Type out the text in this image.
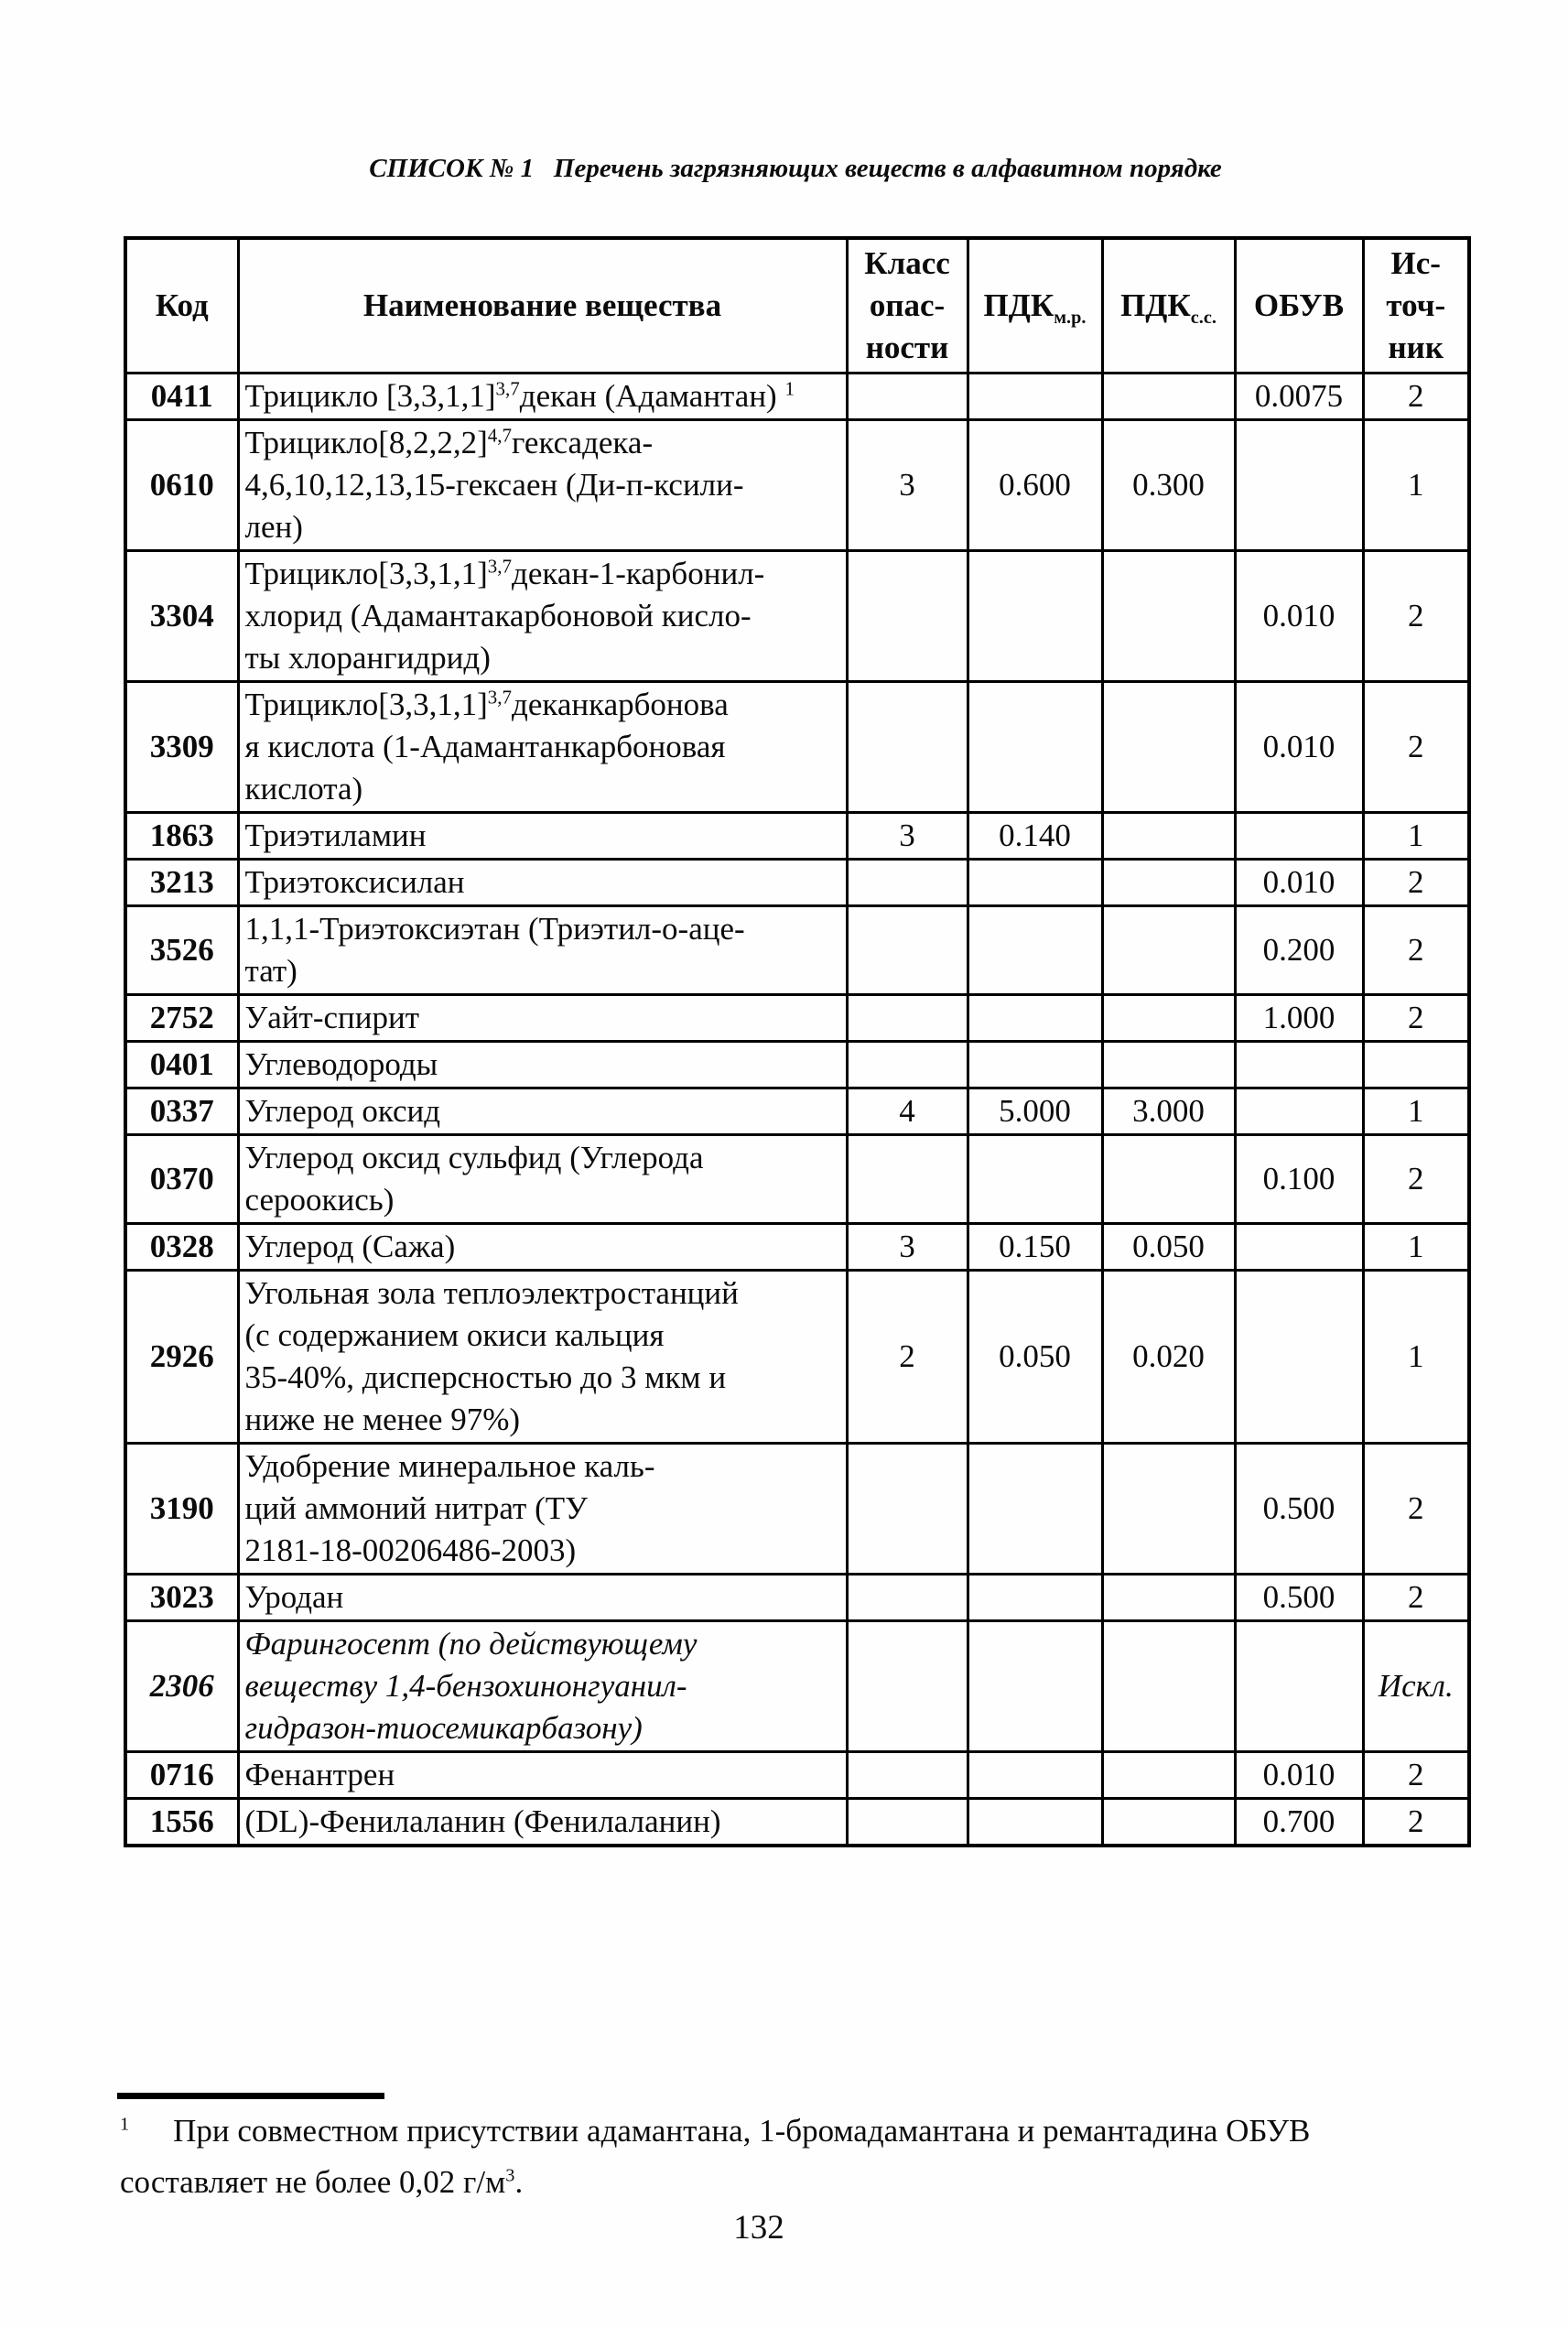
СПИСОК № 1   Перечень загрязняющих веществ в алфавитном порядке
Код	Наименование вещества	Класс
опас-
ности	$ПДК_{м.р.}$	$ПДК_{с.с.}$	ОБУВ	Ис-
точ-
ник
0411	Трицикло $[3,3,1,1]^{3,7}декан$ (Адамантан) $^1$				0.0075	2
0610	$Трицикло[8,2,2,2]^{4,7}гексадека-$
4,6,10,12,13,15-гексаен (Ди-п-ксили-
лен)	3	0.600	0.300		1
3304	$Трицикло[3,3,1,1]^{3,7}декан-1-карбонил-$
хлорид (Адамантакарбоновой кисло-
ты хлорангидрид)				0.010	2
3309	$Трицикло[3,3,1,1]^{3,7}деканкарбонова$
я кислота (1-Адамантанкарбоновая
кислота)				0.010	2
1863	Триэтиламин	3	0.140			1
3213	Триэтоксисилан				0.010	2
3526	1,1,1-Триэтоксиэтан (Триэтил-о-аце-
тат)				0.200	2
2752	Уайт-спирит				1.000	2
0401	Углеводороды					
0337	Углерод оксид	4	5.000	3.000		1
0370	Углерод оксид сульфид (Углерода
сероокись)				0.100	2
0328	Углерод (Сажа)	3	0.150	0.050		1
2926	Угольная зола теплоэлектростанций
(с содержанием окиси кальция
35-40%, дисперсностью до 3 мкм и
ниже не менее 97%)	2	0.050	0.020		1
3190	Удобрение минеральное каль-
ций аммоний нитрат (ТУ
2181-18-00206486-2003)				0.500	2
3023	Уродан				0.500	2
2306	Фарингосепт (по действующему
веществу 1,4-бензохинонгуанил-
гидразон-тиосемикарбазону)					Искл.
0716	Фенантрен				0.010	2
1556	(DL)-Фенилаланин (Фенилаланин)				0.700	2
$^1$ При совместном присутствии адамантана, 1-бромадамантана и ремантадина ОБУВ
составляет не более 0,02 $г/м^3$.
132
